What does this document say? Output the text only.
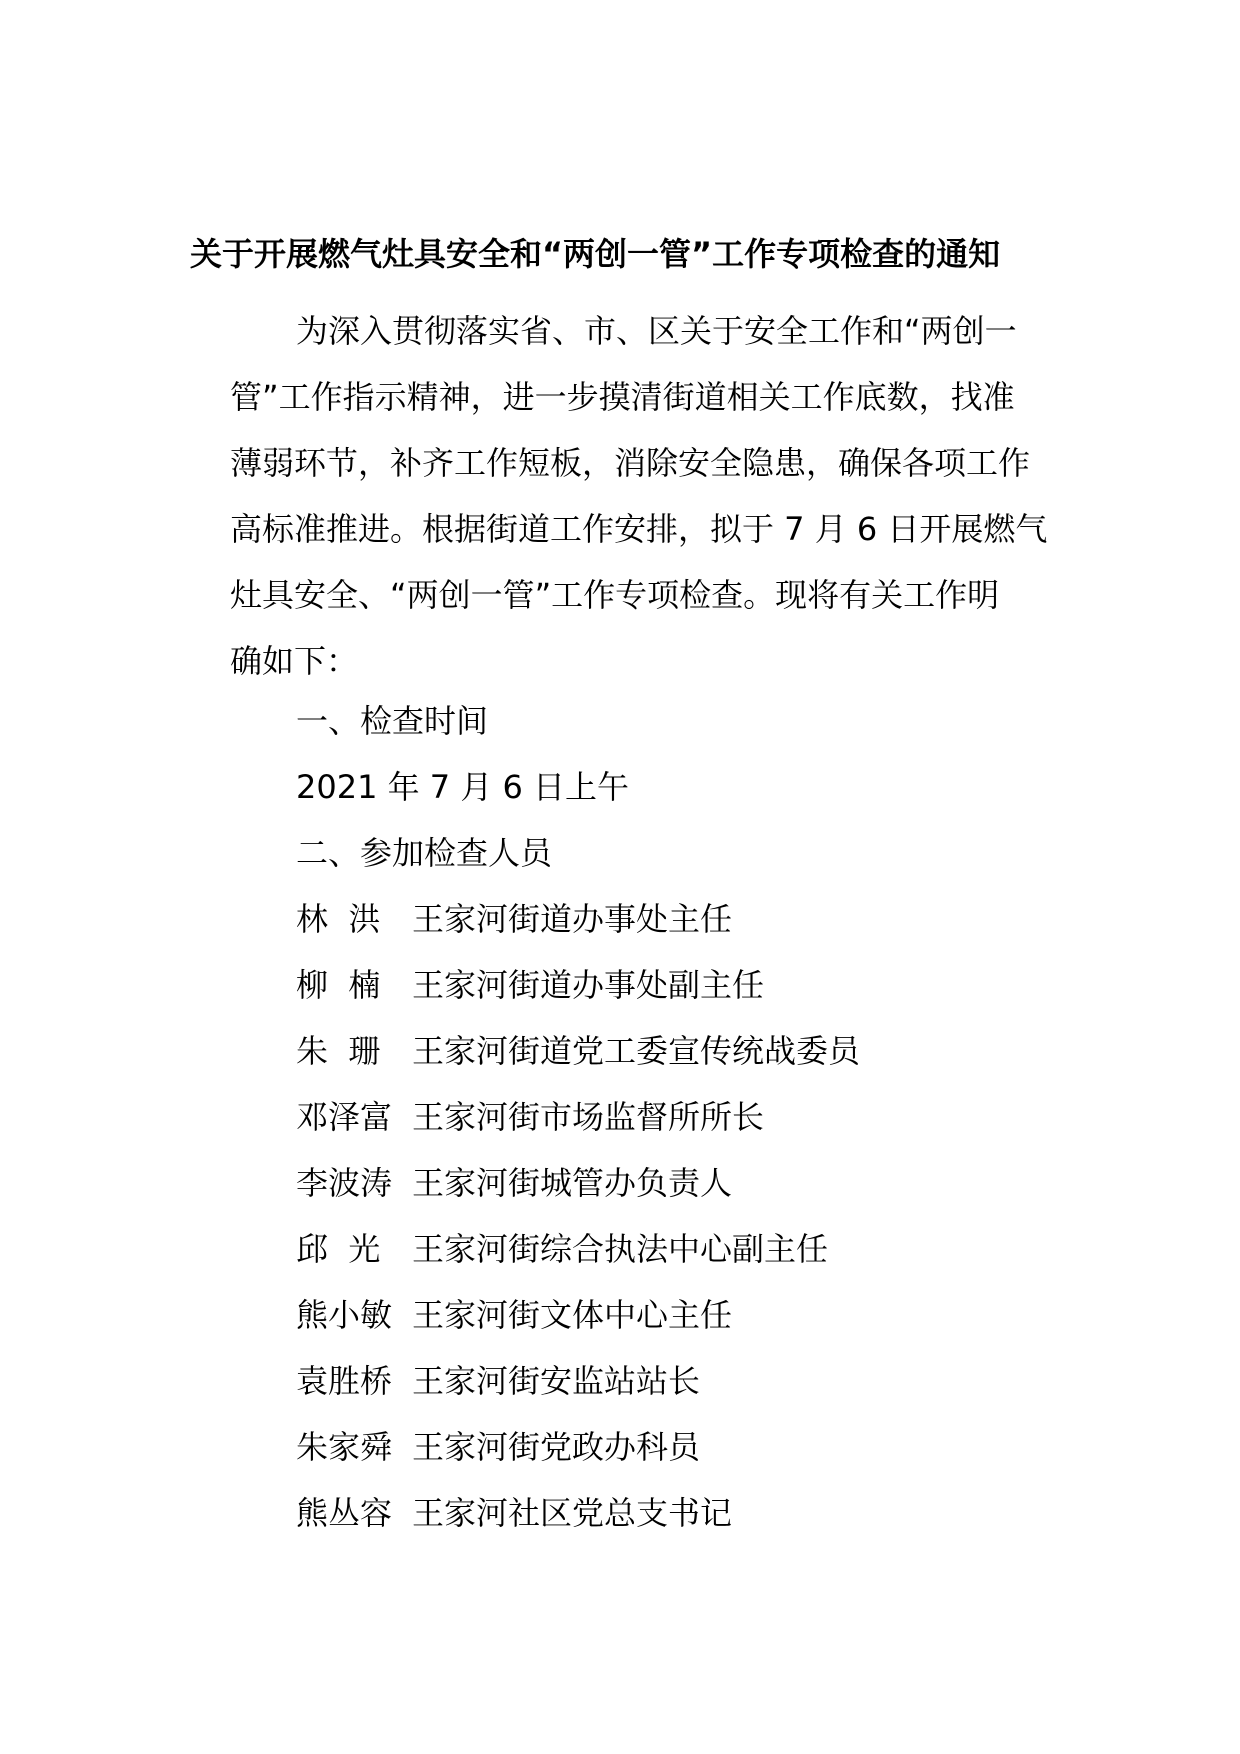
关于开展燃气灶具安全和“两创一管”工作专项检查的通知
为深入贯彻落实省、市、区关于安全工作和“两创一
管”工作指示精神，进一步摸清街道相关工作底数，找准
薄弱环节，补齐工作短板，消除安全隐患，确保各项工作
高标准推进。根据街道工作安排，拟于 7 月 6 日开展燃气
灶具安全、“两创一管”工作专项检查。现将有关工作明
确如下：
一、检查时间
2021 年 7 月 6 日上午
二、参加检查人员
林  洪 王家河街道办事处主任
柳  楠 王家河街道办事处副主任
朱  珊 王家河街道党工委宣传统战委员
邓泽富 王家河街市场监督所所长
李波涛 王家河街城管办负责人
邱  光 王家河街综合执法中心副主任
熊小敏 王家河街文体中心主任
袁胜桥 王家河街安监站站长
朱家舜 王家河街党政办科员
熊丛容 王家河社区党总支书记
